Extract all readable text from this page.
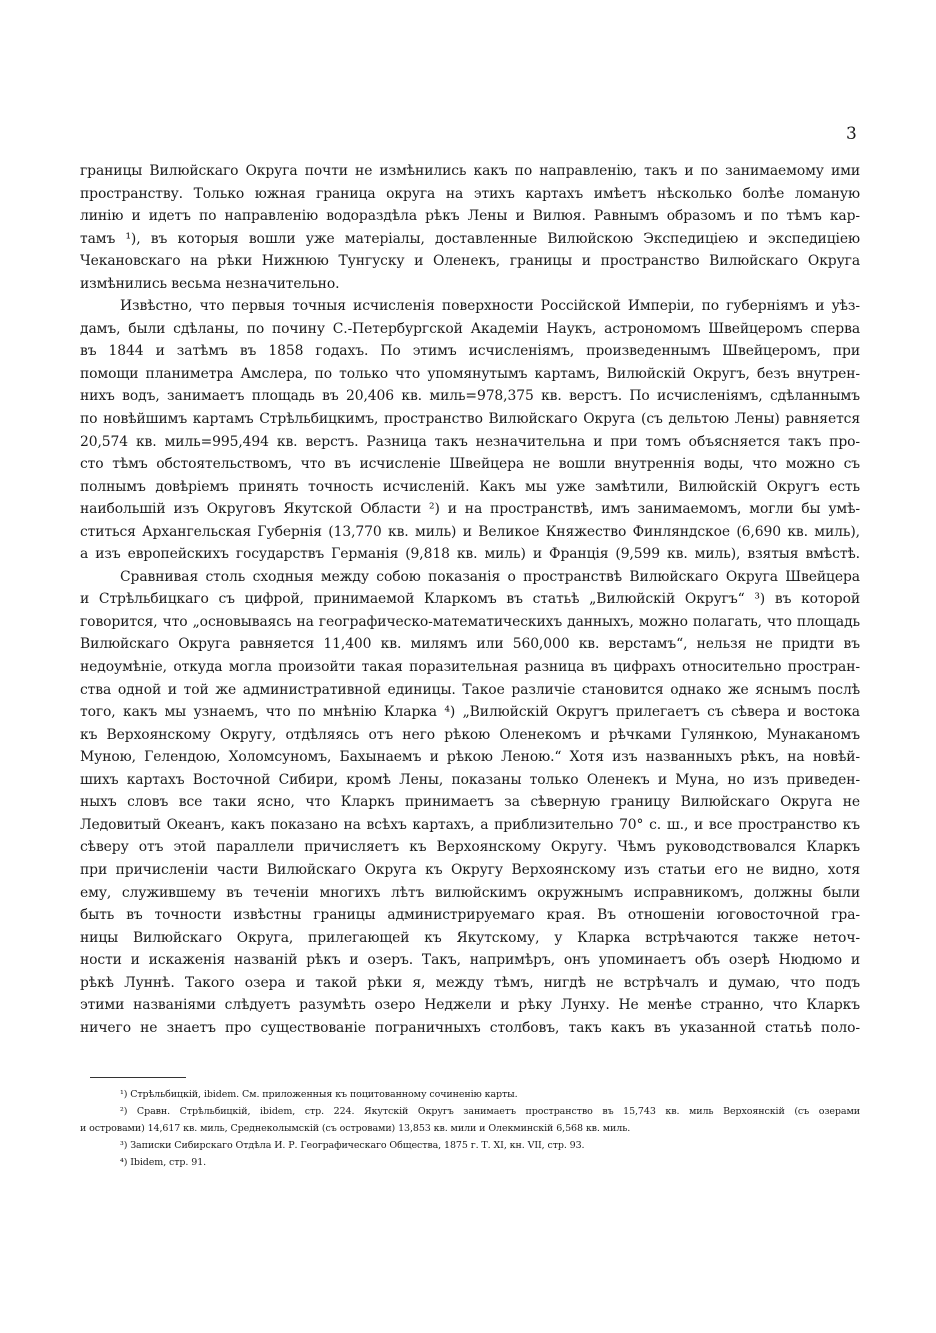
3
границы Вилюйскаго Округа почти не измѣнились какъ по направленію, такъ и по занимаемому ими
пространству. Только южная граница округа на этихъ картахъ имѣетъ нѣсколько болѣе ломаную
линію и идетъ по направленію водораздѣла рѣкъ Лены и Вилюя. Равнымъ образомъ и по тѣмъ кар-
тамъ ¹), въ которыя вошли уже матеріалы, доставленные Вилюйскою Экспедиціею и экспедиціею
Чекановскаго на рѣки Нижнюю Тунгуску и Оленекъ, границы и пространство Вилюйскаго Округа
измѣнились весьма незначительно.
Извѣстно, что первыя точныя исчисленія поверхности Россійской Имперіи, по губерніямъ и уѣз-
дамъ, были сдѣланы, по почину С.-Петербургской Академіи Наукъ, астрономомъ Швейцеромъ сперва
въ 1844 и затѣмъ въ 1858 годахъ. По этимъ исчисленіямъ, произведеннымъ Швейцеромъ, при
помощи планиметра Амслера, по только что упомянутымъ картамъ, Вилюйскій Округъ, безъ внутрен-
нихъ водъ, занимаетъ площадь въ 20,406 кв. миль=978,375 кв. верстъ. По исчисленіямъ, сдѣланнымъ
по новѣйшимъ картамъ Стрѣльбицкимъ, пространство Вилюйскаго Округа (съ дельтою Лены) равняется
20,574 кв. миль=995,494 кв. верстъ. Разница такъ незначительна и при томъ объясняется такъ про-
сто тѣмъ обстоятельствомъ, что въ исчисленіе Швейцера не вошли внутреннія воды, что можно съ
полнымъ довѣріемъ принять точность исчисленій. Какъ мы уже замѣтили, Вилюйскій Округъ есть
наибольшій изъ Округовъ Якутской Области ²) и на пространствѣ, имъ занимаемомъ, могли бы умѣ-
ститься Архангельская Губернія (13,770 кв. миль) и Великое Княжество Финляндское (6,690 кв. миль),
а изъ европейскихъ государствъ Германія (9,818 кв. миль) и Франція (9,599 кв. миль), взятыя вмѣстѣ.
Сравнивая столь сходныя между собою показанія о пространствѣ Вилюйскаго Округа Швейцера
и Стрѣльбицкаго съ цифрой, принимаемой Кларкомъ въ статьѣ „Вилюйскій Округъ“ ³) въ которой
говорится, что „основываясь на географическо-математическихъ данныхъ, можно полагать, что площадь
Вилюйскаго Округа равняется 11,400 кв. милямъ или 560,000 кв. верстамъ“, нельзя не придти въ
недоумѣніе, откуда могла произойти такая поразительная разница въ цифрахъ относительно простран-
ства одной и той же административной единицы. Такое различіе становится однако же яснымъ послѣ
того, какъ мы узнаемъ, что по мнѣнію Кларка ⁴) „Вилюйскій Округъ прилегаетъ съ сѣвера и востока
къ Верхоянскому Округу, отдѣляясь отъ него рѣкою Оленекомъ и рѣчками Гулянкою, Мунаканомъ
Муною, Гелендою, Холомсуномъ, Бахынаемъ и рѣкою Леною.“ Хотя изъ названныхъ рѣкъ, на новѣй-
шихъ картахъ Восточной Сибири, кромѣ Лены, показаны только Оленекъ и Муна, но изъ приведен-
ныхъ словъ все таки ясно, что Кларкъ принимаетъ за сѣверную границу Вилюйскаго Округа не
Ледовитый Океанъ, какъ показано на всѣхъ картахъ, а приблизительно 70° с. ш., и все пространство къ
сѣверу отъ этой параллели причисляетъ къ Верхоянскому Округу. Чѣмъ руководствовался Кларкъ
при причисленіи части Вилюйскаго Округа къ Округу Верхоянскому изъ статьи его не видно, хотя
ему, служившему въ теченіи многихъ лѣтъ вилюйскимъ окружнымъ исправникомъ, должны были
быть въ точности извѣстны границы администрируемаго края. Въ отношеніи юговосточной гра-
ницы Вилюйскаго Округа, прилегающей къ Якутскому, у Кларка встрѣчаются также неточ-
ности и искаженія названій рѣкъ и озеръ. Такъ, напримѣръ, онъ упоминаетъ объ озерѣ Нюдюмо и
рѣкѣ Луннѣ. Такого озера и такой рѣки я, между тѣмъ, нигдѣ не встрѣчалъ и думаю, что подъ
этими названіями слѣдуетъ разумѣть озеро Неджели и рѣку Лунху. Не менѣе странно, что Кларкъ
ничего не знаетъ про существованіе пограничныхъ столбовъ, такъ какъ въ указанной статьѣ поло-
¹) Стрѣльбицкій, ibidem. См. приложенныя къ поцитованному сочиненію карты.
²) Сравн. Стрѣльбицкій, ibidem, стр. 224. Якутскій Округъ занимаетъ пространство въ 15,743 кв. миль Верхоянскій (съ озерами
и островами) 14,617 кв. миль, Среднеколымскій (съ островами) 13,853 кв. мили и Олекминскій 6,568 кв. миль.
³) Записки Сибирскаго Отдѣла И. Р. Географическаго Общества, 1875 г. Т. XI, кн. VII, стр. 93.
⁴) Ibidem, стр. 91.
